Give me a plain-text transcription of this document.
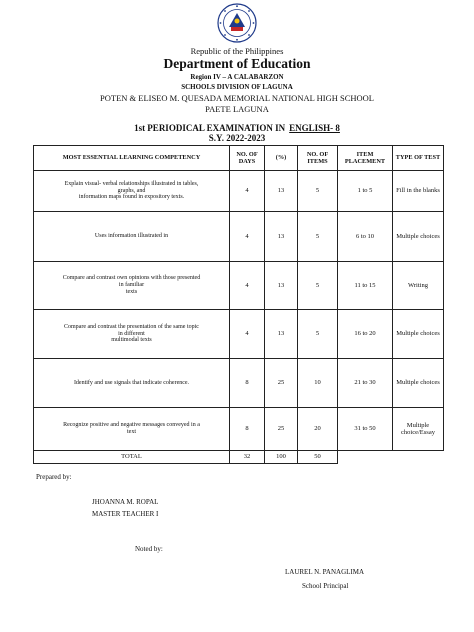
Republic of the Philippines
Department of Education
Region IV – A CALABARZON
SCHOOLS DIVISION OF LAGUNA
POTEN & ELISEO M. QUESADA MEMORIAL NATIONAL HIGH SCHOOL
PAETE LAGUNA
1st PERIODICAL EXAMINATION IN ENGLISH- 8
S.Y. 2022-2023
MOST ESSENTIAL LEARNING COMPETENCY	NO. OF DAYS	(%)	NO. OF ITEMS	ITEM PLACEMENT	TYPE OF TEST
Explain visual- verbal relationships illustrated in tables,
graphs, and
information maps found in expository texts.	4	13	5	1 to 5	Fill in the blanks
Uses information illustrated in	4	13	5	6 to 10	Multiple choices
Compare and contrast own opinions with those presented
in familiar
texts	4	13	5	11 to 15	Writing
Compare and contrast the presentation of the same topic
in different
multimodal texts	4	13	5	16 to 20	Multiple choices
Identify and use signals that indicate coherence.	8	25	10	21 to 30	Multiple choices
Recognize positive and negative messages conveyed in a
text	8	25	20	31 to 50	Multiple choice/Essay
TOTAL	32	100	50		
Prepared by:
JHOANNA M. ROPAL
MASTER TEACHER I
Noted by:
LAUREL N. PANAGLIMA
School Principal
